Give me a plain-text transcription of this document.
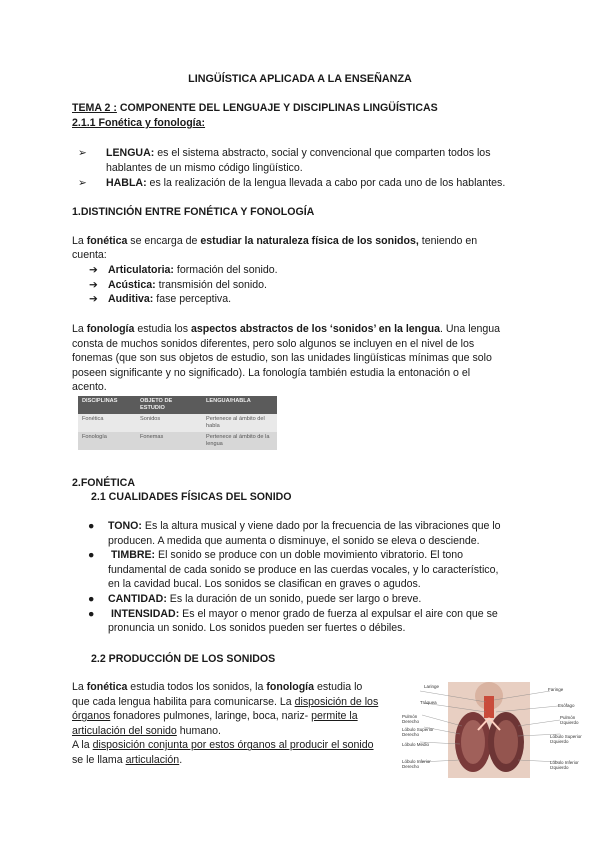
LINGÜÍSTICA APLICADA A LA ENSEÑANZA
TEMA 2 : COMPONENTE DEL LENGUAJE Y DISCIPLINAS LINGÜÍSTICAS
2.1.1 Fonética y fonología:
➢ LENGUA: es el sistema abstracto, social y convencional que comparten todos los
hablantes de un mismo código lingüístico.
➢ HABLA: es la realización de la lengua llevada a cabo por cada uno de los hablantes.
1.DISTINCIÓN ENTRE FONÉTICA Y FONOLOGÍA
La fonética se encarga de estudiar la naturaleza física de los sonidos, teniendo en
cuenta:
➔ Articulatoria: formación del sonido.
➔ Acústica: transmisión del sonido.
➔ Auditiva: fase perceptiva.
La fonología estudia los aspectos abstractos de los ‘sonidos’ en la lengua. Una lengua
consta de muchos sonidos diferentes, pero solo algunos se incluyen en el nivel de los
fonemas (que son sus objetos de estudio, son las unidades lingüísticas mínimas que solo
poseen significante y no significado). La fonología también estudia la entonación o el
acento.
DISCIPLINAS	OBJETO DE ESTUDIO	LENGUA/HABLA
Fonética	Sonidos	Pertenece al ámbito del habla
Fonología	Fonemas	Pertenece al ámbito de la lengua
2.FONÉTICA
2.1 CUALIDADES FÍSICAS DEL SONIDO
● TONO: Es la altura musical y viene dado por la frecuencia de las vibraciones que lo
producen. A medida que aumenta o disminuye, el sonido se eleva o desciende.
● TIMBRE: El sonido se produce con un doble movimiento vibratorio. El tono
fundamental de cada sonido se produce en las cuerdas vocales, y lo característico,
en la cavidad bucal. Los sonidos se clasifican en graves o agudos.
● CANTIDAD: Es la duración de un sonido, puede ser largo o breve.
● INTENSIDAD: Es el mayor o menor grado de fuerza al expulsar el aire con que se
pronuncia un sonido. Los sonidos pueden ser fuertes o débiles.
2.2 PRODUCCIÓN DE LOS SONIDOS
La fonética estudia todos los sonidos, la fonología estudia lo
que cada lengua habilita para comunicarse. La disposición de los
órganos fonadores pulmones, laringe, boca, nariz- permite la
articulación del sonido humano.
A la disposición conjunta por estos órganos al producir el sonido
se le llama articulación.
Laringe
Tráquea
Pulmón Derecho
Lóbulo Superior Derecho
Lóbulo Medio
Lóbulo Inferior Derecho
Faringe
Esófago
Pulmón Izquierdo
Lóbulo Superior Izquierdo
Lóbulo Inferior Izquierdo
